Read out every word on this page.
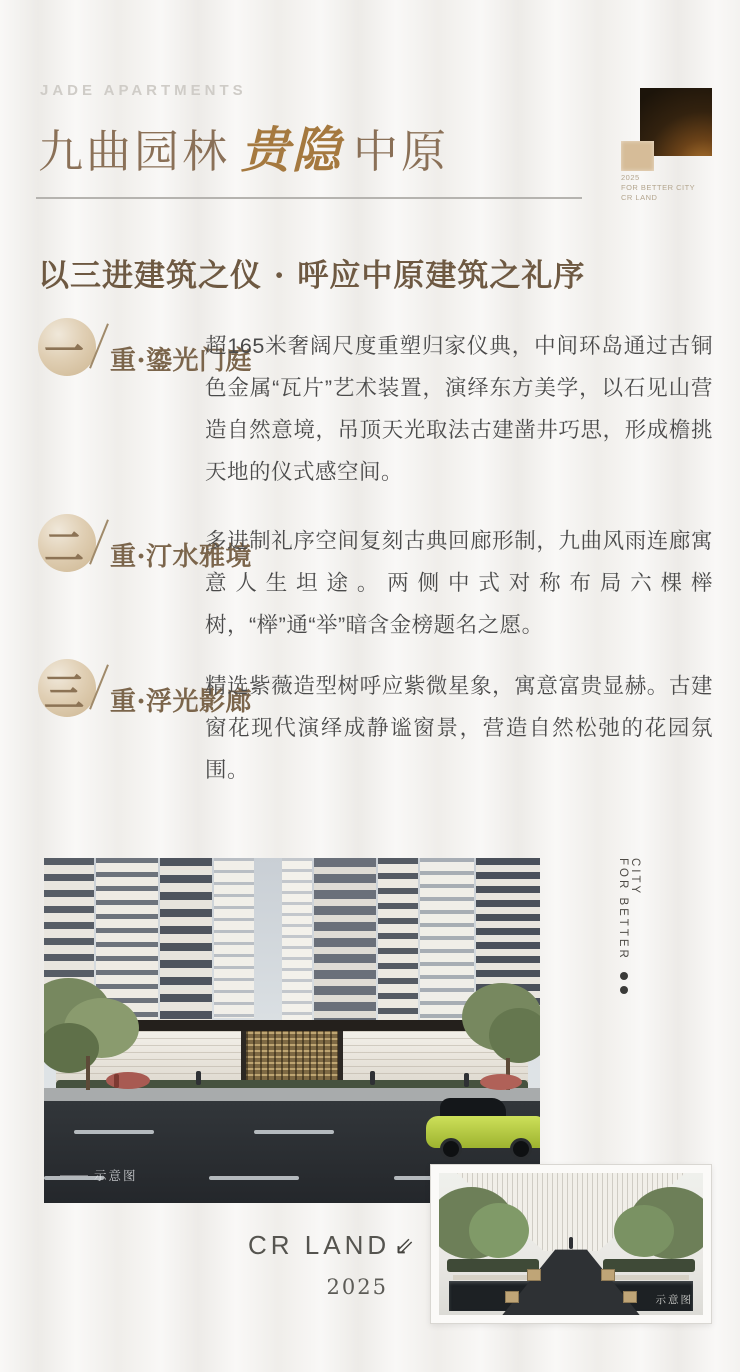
JADE APARTMENTS
九曲园林 贵隐 中原	2025
FOR BETTER CITY
CR LAND
以三进建筑之仪 · 呼应中原建筑之礼序
一 重·鎏光门庭
超165米奢阔尺度重塑归家仪典，中间环岛通过古铜色金属“瓦片”艺术装置，演绎东方美学，以石见山营造自然意境，吊顶天光取法古建凿井巧思，形成檐挑天地的仪式感空间。
二 重·汀水雅境
多进制礼序空间复刻古典回廊形制，九曲风雨连廊寓意人生坦途。两侧中式对称布局六棵榉树，“榉”通“举”暗含金榜题名之愿。
三 重·浮光影廊
精选紫薇造型树呼应紫微星象，寓意富贵显赫。古建窗花现代演绎成静谧窗景，营造自然松弛的花园氛围。
示意图
FOR BETTER CITY
CR LAND ⇙
2025
示意图
